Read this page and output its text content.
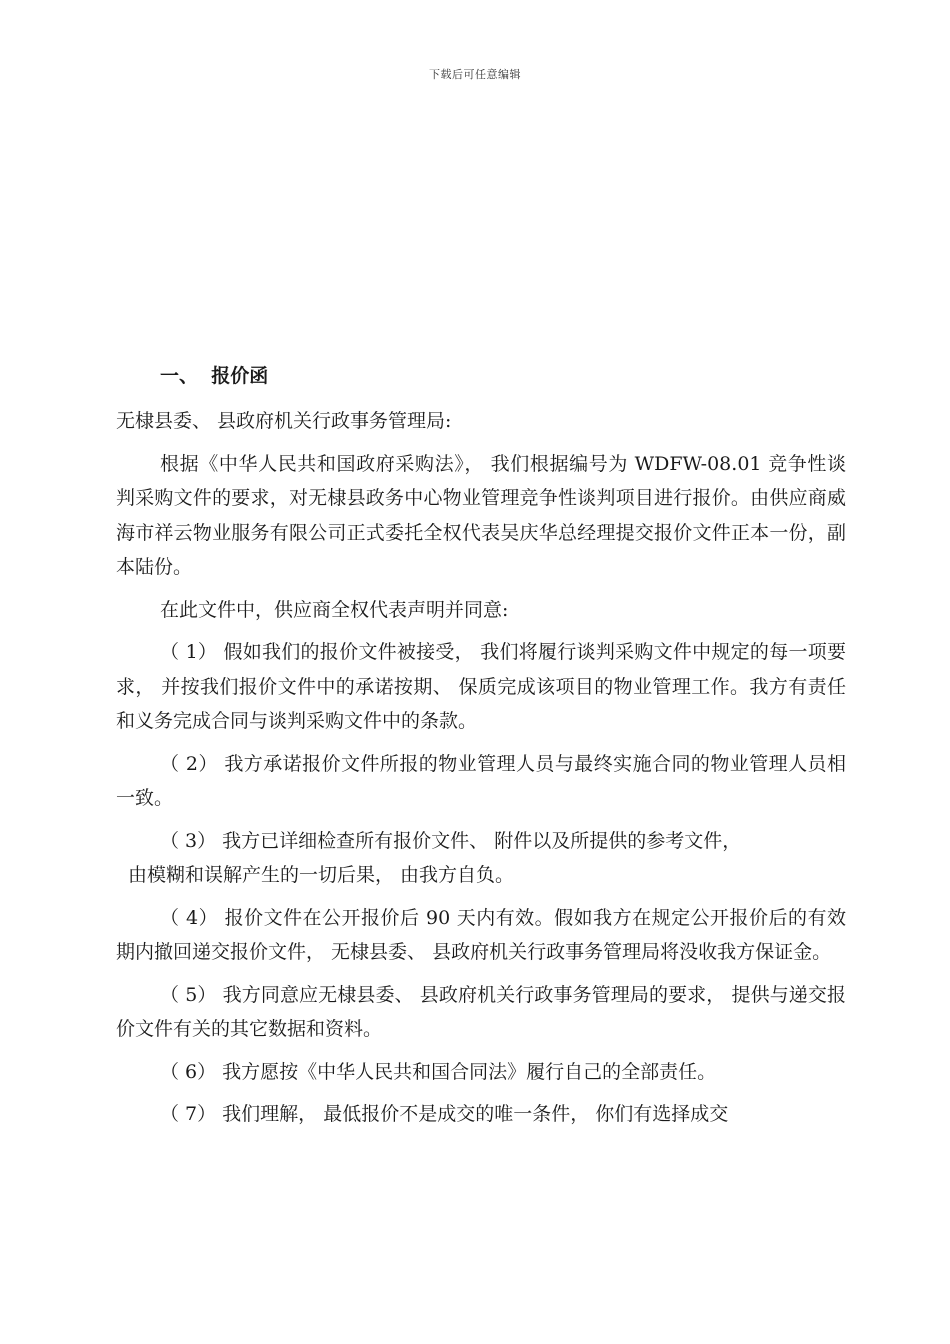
下载后可任意编辑
一、  报价函

无棣县委、 县政府机关行政事务管理局:

根据《中华人民共和国政府采购法》， 我们根据编号为 WDFW-08.01 竞争性谈判采购文件的要求，对无棣县政务中心物业管理竞争性谈判项目进行报价。由供应商威海市祥云物业服务有限公司正式委托全权代表吴庆华总经理提交报价文件正本一份，副本陆份。

在此文件中，供应商全权代表声明并同意:

（ 1） 假如我们的报价文件被接受， 我们将履行谈判采购文件中规定的每一项要求， 并按我们报价文件中的承诺按期、 保质完成该项目的物业管理工作。我方有责任和义务完成合同与谈判采购文件中的条款。

（ 2） 我方承诺报价文件所报的物业管理人员与最终实施合同的物业管理人员相一致。

（ 3） 我方已详细检查所有报价文件、 附件以及所提供的参考文件，

由模糊和误解产生的一切后果， 由我方自负。

（ 4） 报价文件在公开报价后 90 天内有效。假如我方在规定公开报价后的有效期内撤回递交报价文件， 无棣县委、 县政府机关行政事务管理局将没收我方保证金。

（ 5） 我方同意应无棣县委、 县政府机关行政事务管理局的要求， 提供与递交报价文件有关的其它数据和资料。

（ 6） 我方愿按《中华人民共和国合同法》履行自己的全部责任。

（ 7） 我们理解， 最低报价不是成交的唯一条件， 你们有选择成交
